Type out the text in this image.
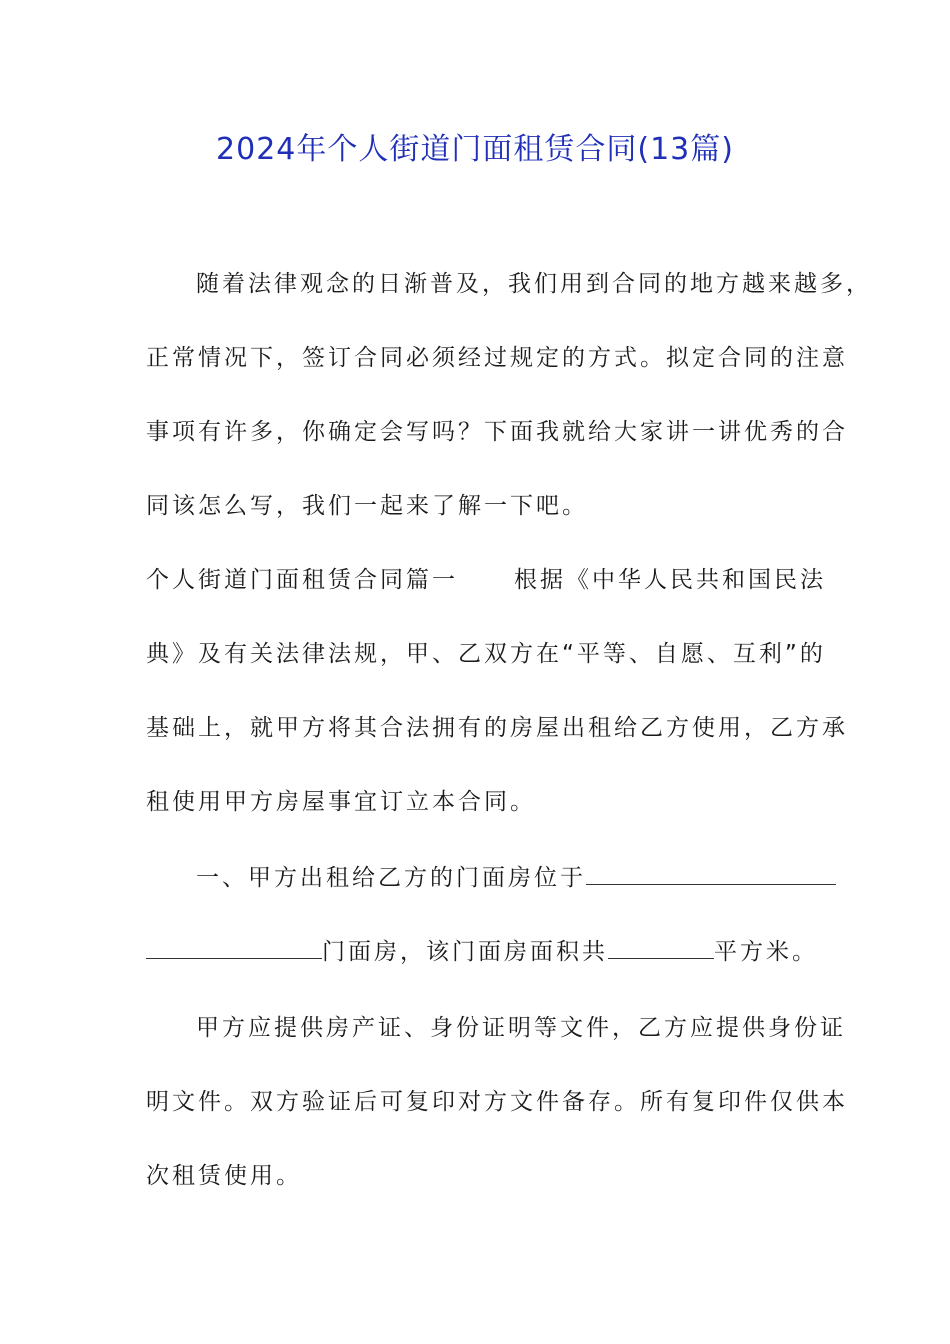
2024年个人街道门面租赁合同(13篇)
随着法律观念的日渐普及，我们用到合同的地方越来越多，
正常情况下，签订合同必须经过规定的方式。拟定合同的注意
事项有许多，你确定会写吗？下面我就给大家讲一讲优秀的合
同该怎么写，我们一起来了解一下吧。
个人街道门面租赁合同篇一 根据《中华人民共和国民法
典》及有关法律法规，甲、乙双方在“平等、自愿、互利”的
基础上，就甲方将其合法拥有的房屋出租给乙方使用，乙方承
租使用甲方房屋事宜订立本合同。
一、甲方出租给乙方的门面房位于
门面房，该门面房面积共	平方米。
甲方应提供房产证、身份证明等文件，乙方应提供身份证
明文件。双方验证后可复印对方文件备存。所有复印件仅供本
次租赁使用。
